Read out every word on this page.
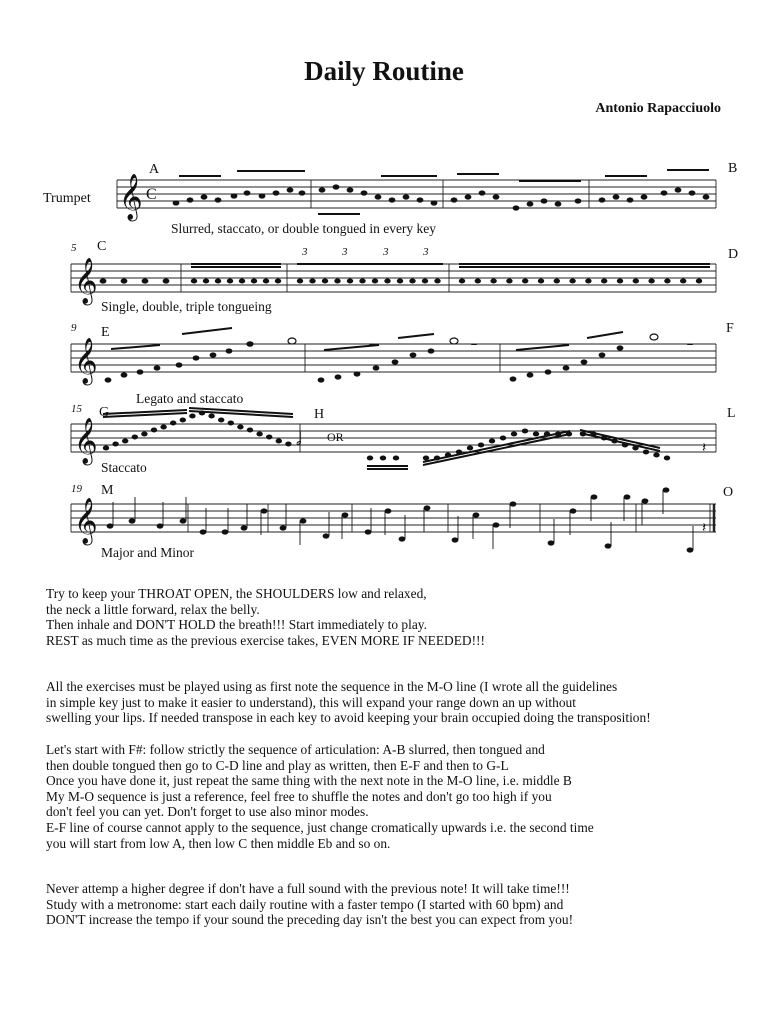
Daily Routine
Antonio Rapacciuolo
Trumpet
A	B
C
D
E	F
G	H	L
M	O
5
9
15
19
Slurred, staccato, or double tongued in every key
Single, double, triple tongueing
Legato and staccato
Staccato
Major and Minor
OR
3	3	3	3
𝄞
𝄞
𝄞
𝄞
𝄞
𝅗𝅥
𝄼	𝄼
𝄽
𝄽
C

Try to keep your THROAT OPEN, the SHOULDERS low and relaxed,

the neck a little forward, relax the belly.

Then inhale and DON'T HOLD the breath!!! Start immediately to play.

REST as much time as the previous exercise takes, EVEN MORE IF NEEDED!!!

All the exercises must be played using as first note the sequence in the M-O line (I wrote all the guidelines

in simple key just to make it easier to understand), this will expand your range down an up without

swelling your lips. If needed transpose in each key to avoid keeping your brain occupied doing the transposition!

Let's start with F#: follow strictly the sequence of articulation: A-B slurred, then tongued and

then double tongued then go to C-D line and play as written, then E-F and then to G-L

Once you have done it, just repeat the same thing with the next note in the M-O line, i.e. middle B

My M-O sequence is just a reference, feel free to shuffle the notes and don't go too high if you

don't feel you can yet. Don't forget to use also minor modes.

E-F line of course cannot apply to the sequence, just change cromatically upwards i.e. the second time

you will start from low A, then low C then middle Eb and so on.

Never attemp a higher degree if don't have a full sound with the previous note! It will take time!!!

Study with a metronome: start each daily routine with a faster tempo (I started with 60 bpm) and

DON'T increase the tempo if your sound the preceding day isn't the best you can expect from you!
